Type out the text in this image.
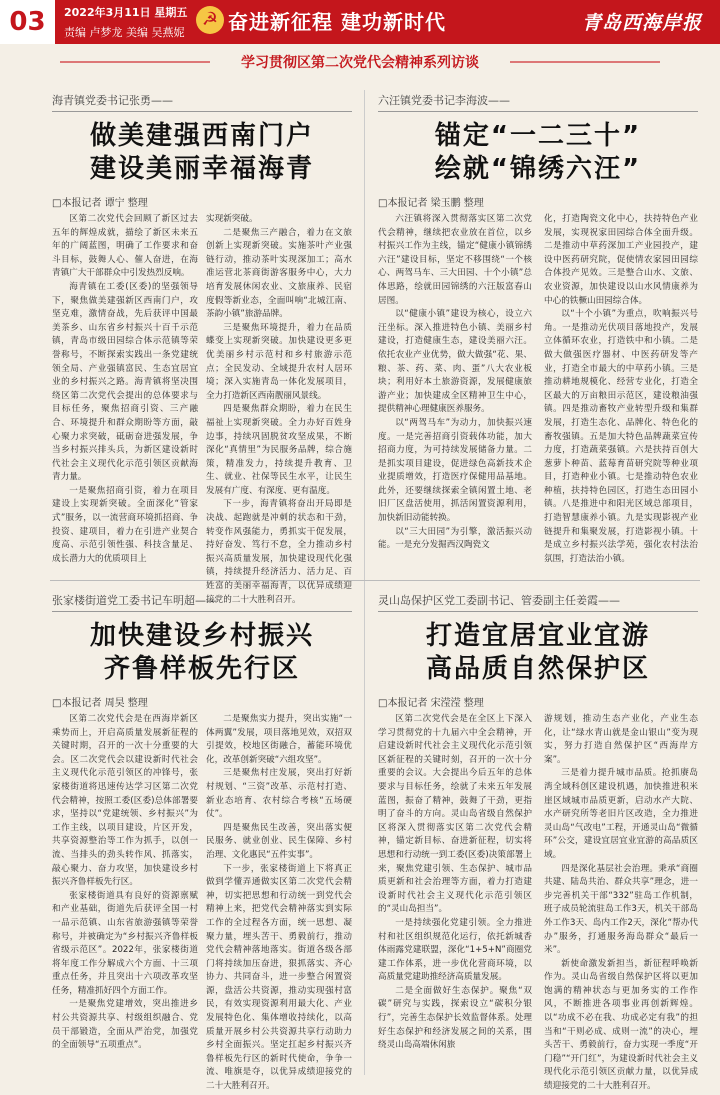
03	2022年3月11日 星期五
责编 卢梦龙 美编 吴燕妮
☭ 奋进新征程 建功新时代	青岛西海岸报
学习贯彻区第二次党代会精神系列访谈
海青镇党委书记张勇——
做美建强西南门户
建设美丽幸福海青
□本报记者 谭宁 整理

区第二次党代会回顾了新区过去五年的辉煌成就，描绘了新区未来五年的广阔蓝图，明确了工作要求和奋斗目标，鼓舞人心、催人奋进，在海青镇广大干部群众中引发热烈反响。

海青镇在工委(区委)的坚强领导下，聚焦做美建强新区西南门户，攻坚克难，激情奋战，先后获评中国最美茶乡、山东省乡村振兴十百千示范镇，青岛市级田园综合体示范镇等荣誉称号，不断探索实践出一条党建统领全局、产业强镇富民、生态宜居宜业的乡村振兴之路。海青镇将坚决围绕区第二次党代会提出的总体要求与目标任务，聚焦招商引资、三产融合、环境提升和群众期盼等方面，敲心聚力求突破，砥砺奋进强发展，争当乡村振兴排头兵，为新区建设新时代社会主义现代化示范引领区贡献海青力量。

一是聚焦招商引资，着力在项目建设上实现新突破。全面深化“管家式”服务，以一流营商环境抓招商、争投资、建项目，着力在引进产业契合度高、示范引领性强、科技含量足、成长潜力大的优质项目上

实现新突破。

二是聚焦三产融合，着力在文旅创新上实现新突破。实施茶叶产业强链行动，推动茶叶实现深加工；高水准运营北茶商街游客服务中心，大力培育发展休闲农业、文旅康养、民宿度假等新业态，全面叫响“北城江南、茶韵小镇”旅游品牌。

三是聚焦环境提升，着力在品质蝶变上实现新突破。加快建设更多更优美丽乡村示范村和乡村旅游示范点；全民发动、全域提升农村人居环境；深入实施青岛一体化发展项目，全力打造新区西南靓丽风景线。

四是聚焦群众期盼，着力在民生福祉上实现新突破。全力办好百姓身边事，持续巩固脱贫攻坚成果，不断深化“真情里”为民服务品牌，综合施策，精准发力，持续提升教育、卫生、就业、社保等民生水平，让民生发展有广度、有深度、更有温度。

下一步，海青镇将奋出开局即是决战、起跑就是冲刺的状态和干劲，转变作风强能力，勇抓实干促发展，持好奋发、笃行不怠，全力推动乡村振兴高质量发展，加快建设现代化强镇，持续提升经济活力、活力足、百姓富的美丽幸福海青，以优异成绩迎接党的二十大胜利召开。

六汪镇党委书记李海波——
锚定“一二三十”
绘就“锦绣六汪”
□本报记者 梁玉鹏 整理

六汪镇将深入贯彻落实区第二次党代会精神，继续把农业放在首位，以乡村振兴工作为主线，锚定“健康小镇锦绣六汪”建设目标，坚定不移围绕“一个核心、两驾马车、三大田园、十个小镇”总体思路，绘就田园锦绣的六汪版富春山居图。

以“健康小镇”建设为核心，设立六汪坐标。深入推进特色小镇、美丽乡村建设，打造健康生态，建设美丽六汪。依托农业产业优势，做大做强“花、果、粮、茶、药、菜、肉、蛋”八大农业板块；利用好本土旅游资源，发展健康旅游产业；加快建成全区精神卫生中心，提供精神心理健康医养服务。

以“两驾马车”为动力，加快振兴速度。一是完善招商引资载体功能，加大招商力度，为可持续发展储备力量。二是抓实项目建设，促进绿色高新技术企业提质增效，打造医疗保健用品基地。此外，还要继续探索全镇闲置土地、老旧厂区盘活使用，抓活闲置资源利用，加快新旧动能转换。

以“三大田园”为引擎，激活振兴动能。一是充分发掘西汉陶瓷文

化，打造陶瓷文化中心，扶持特色产业发展，实现祝家田园综合体全面升级。二是推动中草药深加工产业园投产，建设中医药研究院，促使情农家园田园综合体投产见效。三是整合山水、文旅、农业资源，加快建设以山水风情康养为中心的铁橛山田园综合体。

以“十个小镇”为重点，吹响振兴号角。一是推动光伏项目落地投产，发展立体循环农业，打造铁中和小镇。二是做大做强医疗器材、中医药研发等产业，打造全市最大的中草药小镇。三是推动耕地规模化、经营专业化，打造全区最大的万亩粮田示范区，建设粮油强镇。四是推动畜牧产业转型升级和集群发展，打造生态化、品牌化、特色化的畜牧强镇。五是加大特色品牌蔬菜宣传力度，打造蔬菜强镇。六是扶持百创大葱萝卜种苗、蓝莓育苗研究院等种业项目，打造种业小镇。七是推动特色农业种植，扶持特色园区，打造生态田园小镇。八是推进中和阳光区域总部项目，打造智慧康养小镇。九是实现影视产业链提升和集聚发展，打造影视小镇。十是成立乡村振兴法学苑，强化农村法治氛围，打造法治小镇。

张家楼街道党工委书记车明超——
加快建设乡村振兴
齐鲁样板先行区
□本报记者 周昊 整理

区第二次党代会是在西海岸新区乘势而上，开启高质量发展新征程的关键时期，召开的一次十分重要的大会。区二次党代会以建设新时代社会主义现代化示范引领区的冲锋号，张家楼街道将迅速传达学习区第二次党代会精神，按照工委(区委)总体部署要求，坚持以“党建统领、乡村振兴”为工作主线，以项目建设，片区开发，共享资源整治等工作为抓手，以创一流、当排头的劲头转作风、抓落实，敲心聚力、奋力攻坚，加快建设乡村振兴齐鲁样板先行区。

张家楼街道具有良好的资源禀赋和产业基础，街道先后获评全国一村一品示范镇、山东省旅游强镇等荣誉称号，并被确定为“乡村振兴齐鲁样板省级示范区”。2022年，张家楼街道将年度工作分解成六个方面、十三项重点任务，并且突出十六项改革攻坚任务，精准抓好四个方面工作。

一是聚焦党建增效，突出推进乡村公共资源共享、村级组织融合、党员干部锻造，全面从严治党，加强党的全面领导“五项重点”。

二是聚焦实力提升，突出实施“一体两翼”发展，项目落地见效，双招双引提效，校地区街融合，蓄能环境优化，改革创新突破“六组攻坚”。

三是聚焦村庄发展，突出打好新村规划、“三资”改革、示范村打造、新业态培育、农村综合考核“五场硬仗”。

四是聚焦民生改善，突出落实便民服务、就业创业、民生保障、乡村治理、文化惠民“五件实事”。

下一步，张家楼街道上下将真正做到学懂弄通做实区第二次党代会精神，切实把思想和行动统一到党代会精神上来，把党代会精神落实到实际工作的全过程各方面，统一思想、凝聚力量，埋头苦干、勇毅前行，推动党代会精神落地落实。街道各级各部门将持续加压奋进，狠抓落实、齐心协力、共同奋斗，进一步整合闲置资源，盘活公共资源，推动实现强村富民，有效实现资源利用最大化、产业发展特色化、集体增收持续化，以高质量开展乡村公共资源共享行动助力乡村全面振兴。坚定扛起乡村振兴齐鲁样板先行区的新时代使命，争争一流、唯旗是夺，以优异成绩迎接党的二十大胜利召开。

灵山岛保护区党工委副书记、管委副主任姜霞——
打造宜居宜业宜游
高品质自然保护区
□本报记者 宋滢滢 整理

区第二次党代会是在全区上下深入学习贯彻党的十九届六中全会精神，开启建设新时代社会主义现代化示范引领区新征程的关键时刻，召开的一次十分重要的会议。大会提出今后五年的总体要求与目标任务，绘就了未来五年发展蓝图，振奋了精神，鼓舞了干劲，更指明了奋斗的方向。灵山岛省级自然保护区将深入贯彻落实区第二次党代会精神，锚定新目标、奋进新征程，切实将思想和行动统一到工委(区委)决策部署上来，聚焦党建引领、生态保护、城市品质更新和社会治理等方面，着力打造建设新时代社会主义现代化示范引领区的“灵山岛担当”。

一是持续强化党建引领。全力推进村和社区组织规范化运行，依托新城香体雨露党建联盟，深化“1+5+N”商圈党建工作体系，进一步优化营商环境，以高质量党建助推经济高质量发展。

二是全面做好生态保护。聚焦“双碳”研究与实践，探索设立“碳积分银行”，完善生态保护长效监督体系。处理好生态保护和经济发展之间的关系，围绕灵山岛高端休闲旅

游规划，推动生态产业化，产业生态化，让“绿水青山就是金山银山”变为现实，努力打造自然保护区“西海岸方案”。

三是着力提升城市品质。抢抓赓岛湾全域科创区建设机遇，加快推进积米崖区域城市品质更新，启动水产大院、水产研究所等老旧片区改造，全力推进灵山岛“气改电”工程，开通灵山岛“微循环”公交，建设宜居宜业宜游的高品质区域。

四是深化基层社会治理。秉承“商圈共建、陆岛共治、群众共享”理念，进一步完善机关干部“332”驻岛工作机制，班子成员轮流驻岛工作3天，机关干部岛外工作3天、岛内工作2天，深化“帮办代办”服务，打通服务海岛群众“最后一米”。

新使命激发新担当，新征程呼唤新作为。灵山岛省级自然保护区将以更加饱满的精神状态与更加务实的工作作风，不断推进各项事业再创新辉煌。以“功成不必在我、功成必定有我”的担当和“干则必成、成则一流”的决心，埋头苦干、勇毅前行，奋力实现一季度“开门稳”“开门红”，为建设新时代社会主义现代化示范引领区贡献力量，以优异成绩迎接党的二十大胜利召开。
